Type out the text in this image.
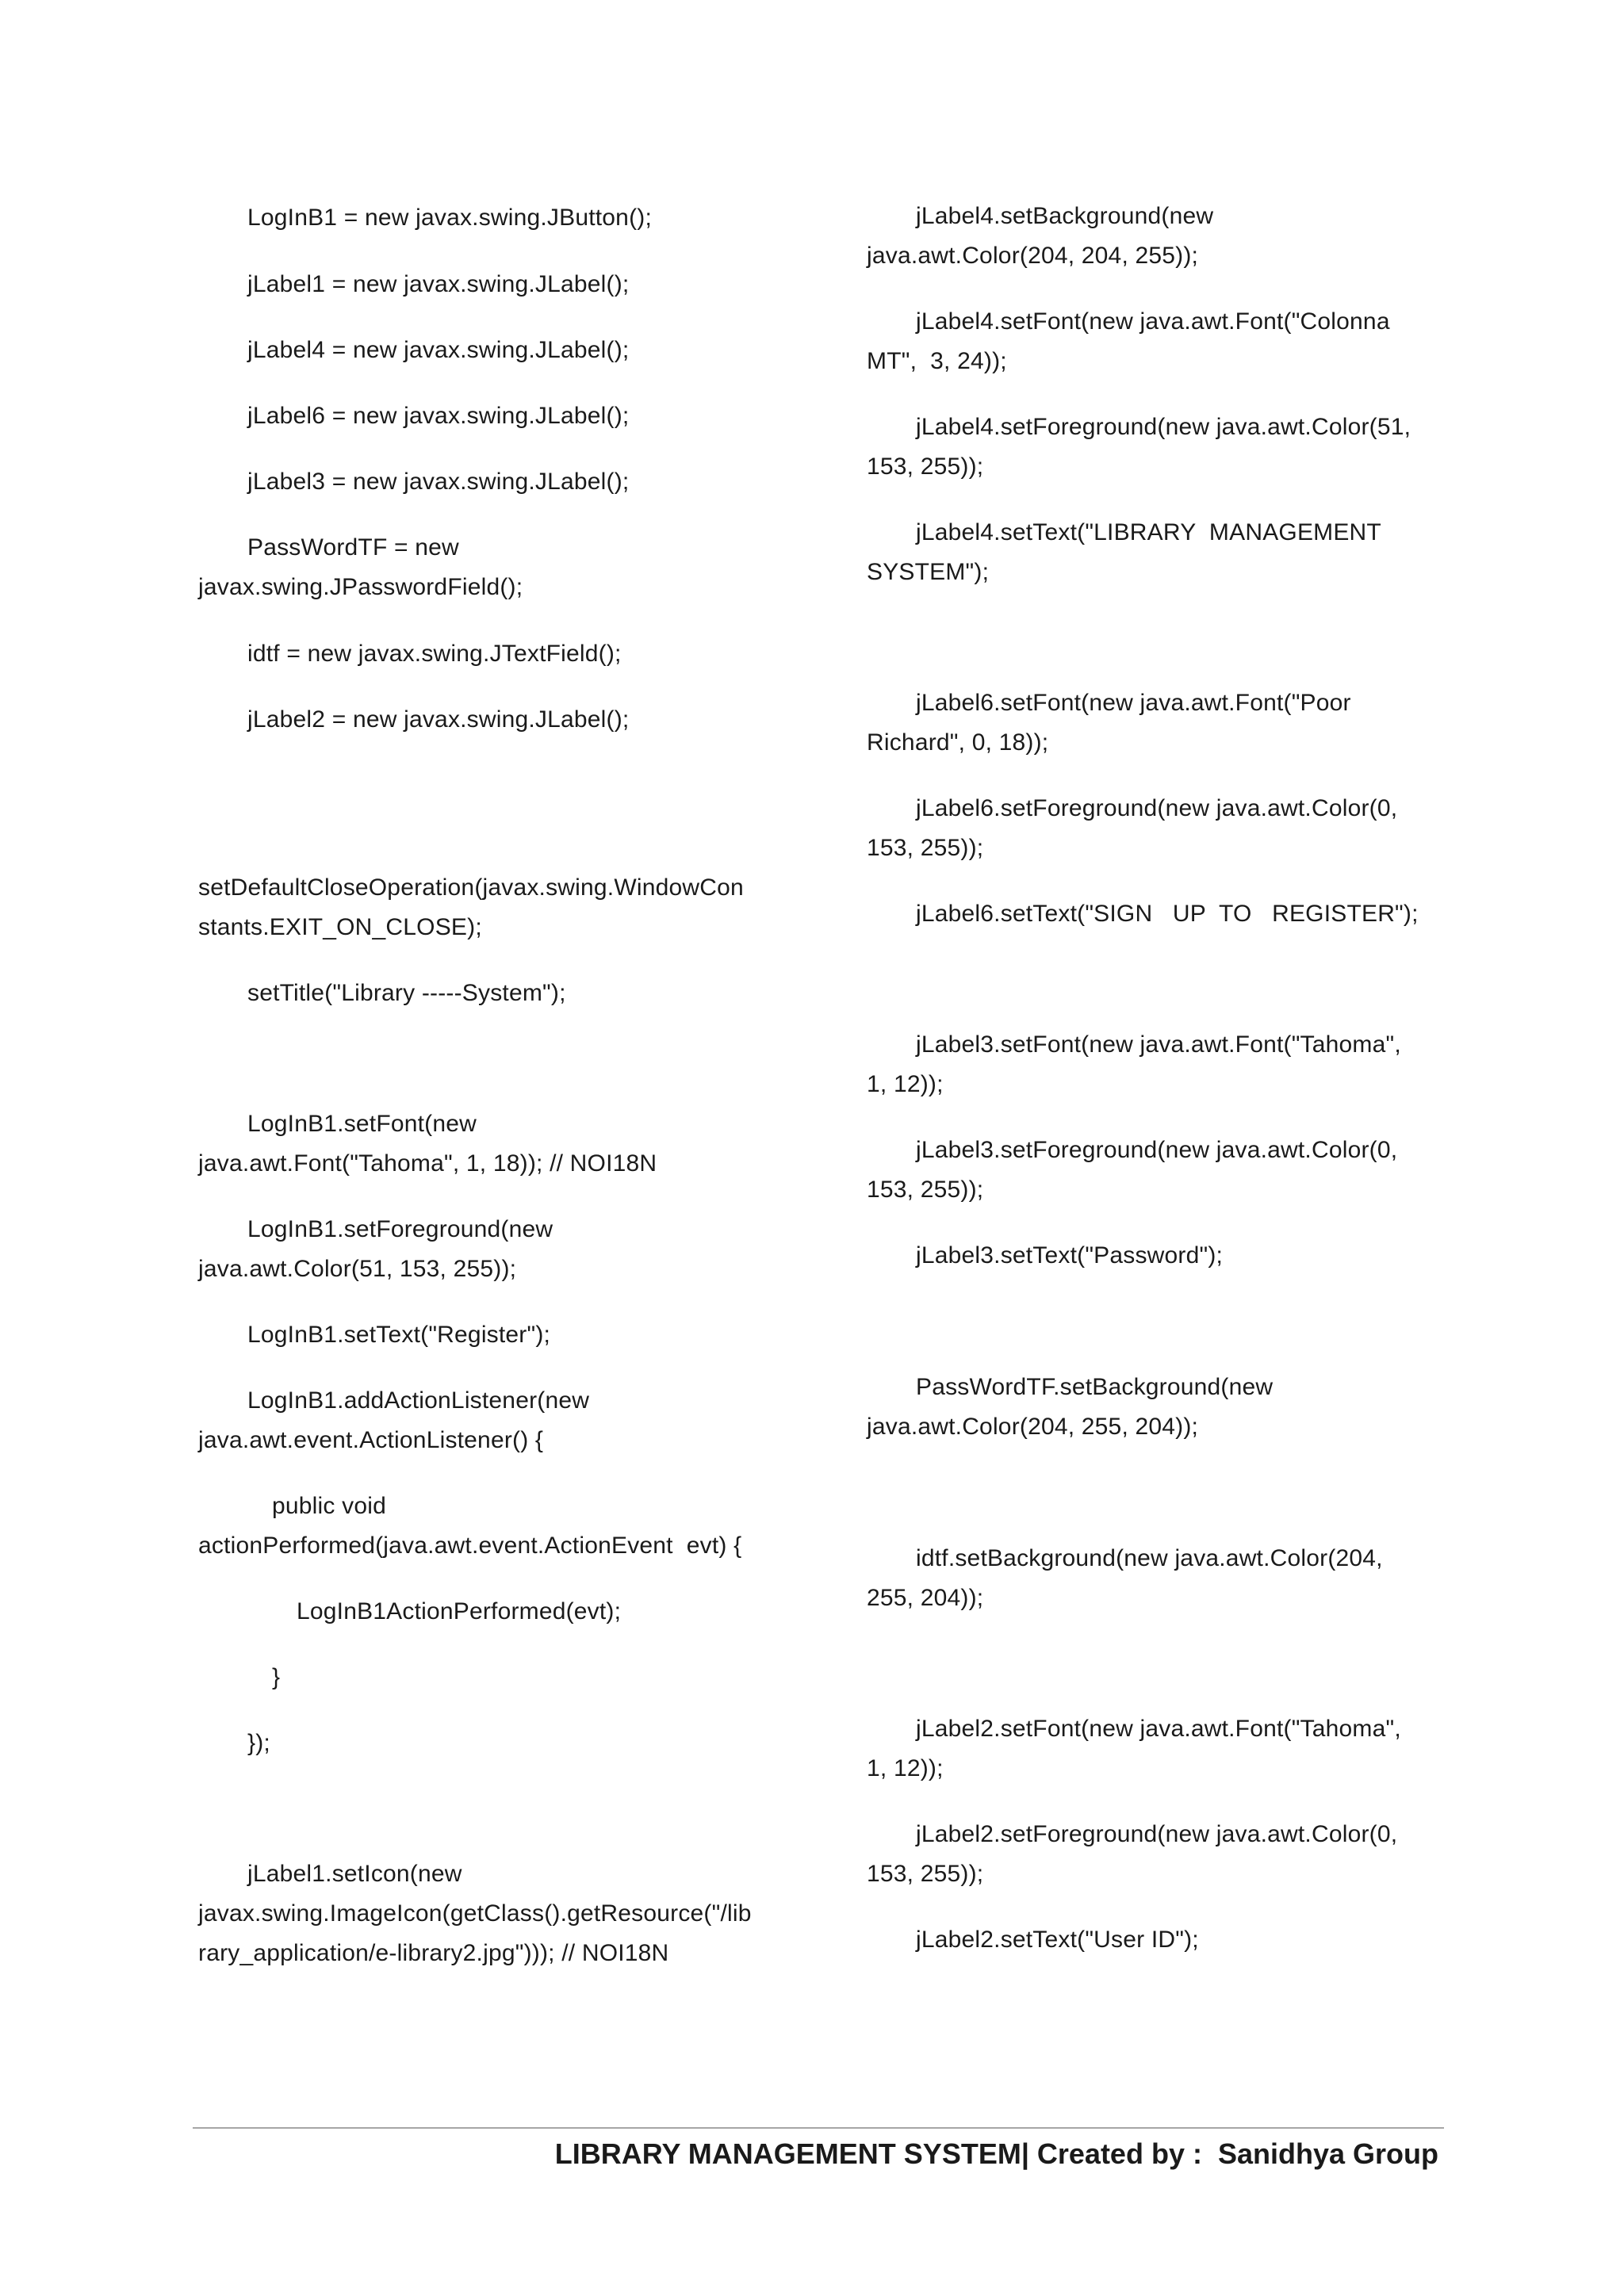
LogInB1 = new javax.swing.JButton();
jLabel1 = new javax.swing.JLabel();
jLabel4 = new javax.swing.JLabel();
jLabel6 = new javax.swing.JLabel();
jLabel3 = new javax.swing.JLabel();
PassWordTF = new
javax.swing.JPasswordField();
idtf = new javax.swing.JTextField();
jLabel2 = new javax.swing.JLabel();
setDefaultCloseOperation(javax.swing.WindowCon
stants.EXIT_ON_CLOSE);
setTitle("Library -----System");
LogInB1.setFont(new
java.awt.Font("Tahoma", 1, 18)); // NOI18N
LogInB1.setForeground(new
java.awt.Color(51, 153, 255));
LogInB1.setText("Register");
LogInB1.addActionListener(new
java.awt.event.ActionListener() {
public void
actionPerformed(java.awt.event.ActionEvent  evt) {
LogInB1ActionPerformed(evt);
}
});
jLabel1.setIcon(new
javax.swing.ImageIcon(getClass().getResource("/lib
rary_application/e-library2.jpg"))); // NOI18N
jLabel4.setBackground(new
java.awt.Color(204, 204, 255));
jLabel4.setFont(new java.awt.Font("Colonna
MT",  3, 24));
jLabel4.setForeground(new java.awt.Color(51,
153, 255));
jLabel4.setText("LIBRARY  MANAGEMENT
SYSTEM");
jLabel6.setFont(new java.awt.Font("Poor
Richard", 0, 18));
jLabel6.setForeground(new java.awt.Color(0,
153, 255));
jLabel6.setText("SIGN   UP  TO   REGISTER");
jLabel3.setFont(new java.awt.Font("Tahoma",
1, 12));
jLabel3.setForeground(new java.awt.Color(0,
153, 255));
jLabel3.setText("Password");
PassWordTF.setBackground(new
java.awt.Color(204, 255, 204));
idtf.setBackground(new java.awt.Color(204,
255, 204));
jLabel2.setFont(new java.awt.Font("Tahoma",
1, 12));
jLabel2.setForeground(new java.awt.Color(0,
153, 255));
jLabel2.setText("User ID");
LIBRARY MANAGEMENT SYSTEM| Created by :  Sanidhya Group
